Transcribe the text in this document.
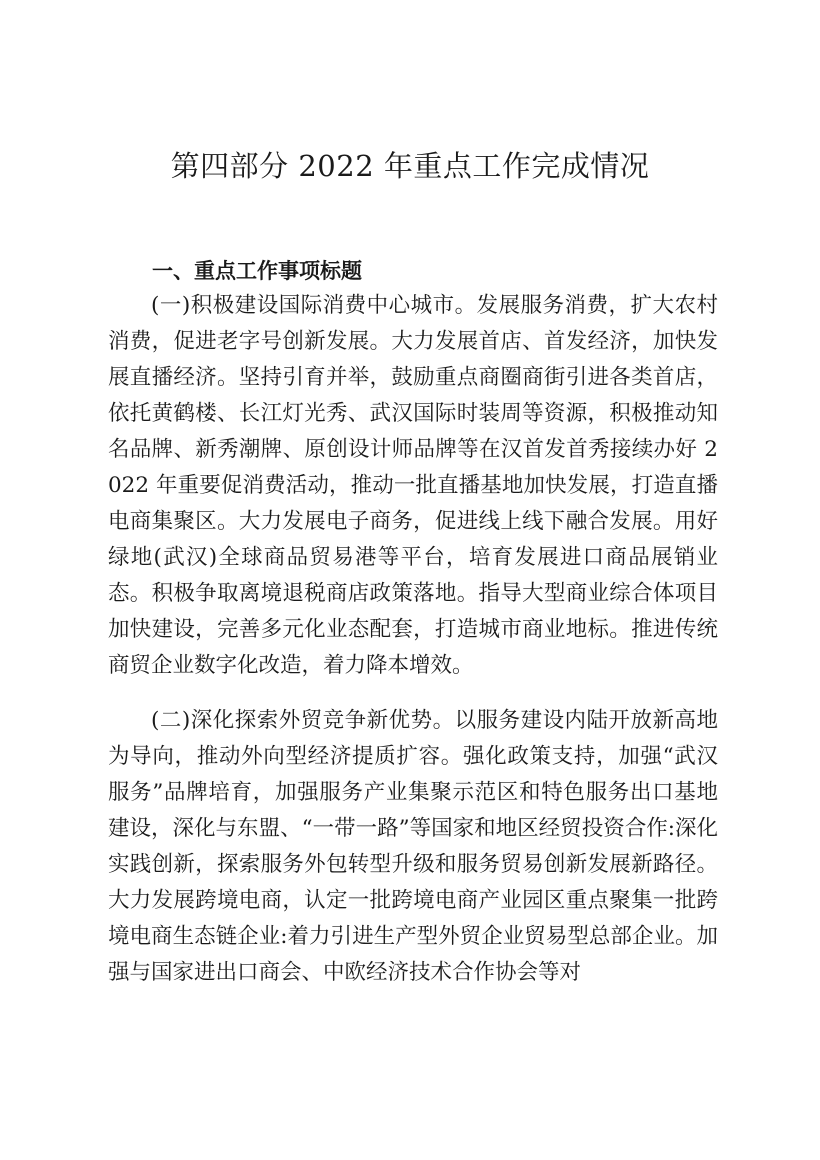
第四部分 2022 年重点工作完成情况
一、重点工作事项标题

(一)积极建设国际消费中心城市。发展服务消费，扩大农村消费，促进老字号创新发展。大力发展首店、首发经济，加快发展直播经济。坚持引育并举，鼓励重点商圈商街引进各类首店，依托黄鹤楼、长江灯光秀、武汉国际时装周等资源，积极推动知名品牌、新秀潮牌、原创设计师品牌等在汉首发首秀接续办好 2022 年重要促消费活动，推动一批直播基地加快发展，打造直播电商集聚区。大力发展电子商务，促进线上线下融合发展。用好绿地(武汉)全球商品贸易港等平台，培育发展进口商品展销业态。积极争取离境退税商店政策落地。指导大型商业综合体项目加快建设，完善多元化业态配套，打造城市商业地标。推进传统商贸企业数字化改造，着力降本增效。

(二)深化探索外贸竞争新优势。以服务建设内陆开放新高地为导向，推动外向型经济提质扩容。强化政策支持，加强“武汉服务”品牌培育，加强服务产业集聚示范区和特色服务出口基地建设，深化与东盟、“一带一路”等国家和地区经贸投资合作:深化实践创新，探索服务外包转型升级和服务贸易创新发展新路径。大力发展跨境电商，认定一批跨境电商产业园区重点聚集一批跨境电商生态链企业:着力引进生产型外贸企业贸易型总部企业。加强与国家进出口商会、中欧经济技术合作协会等对
